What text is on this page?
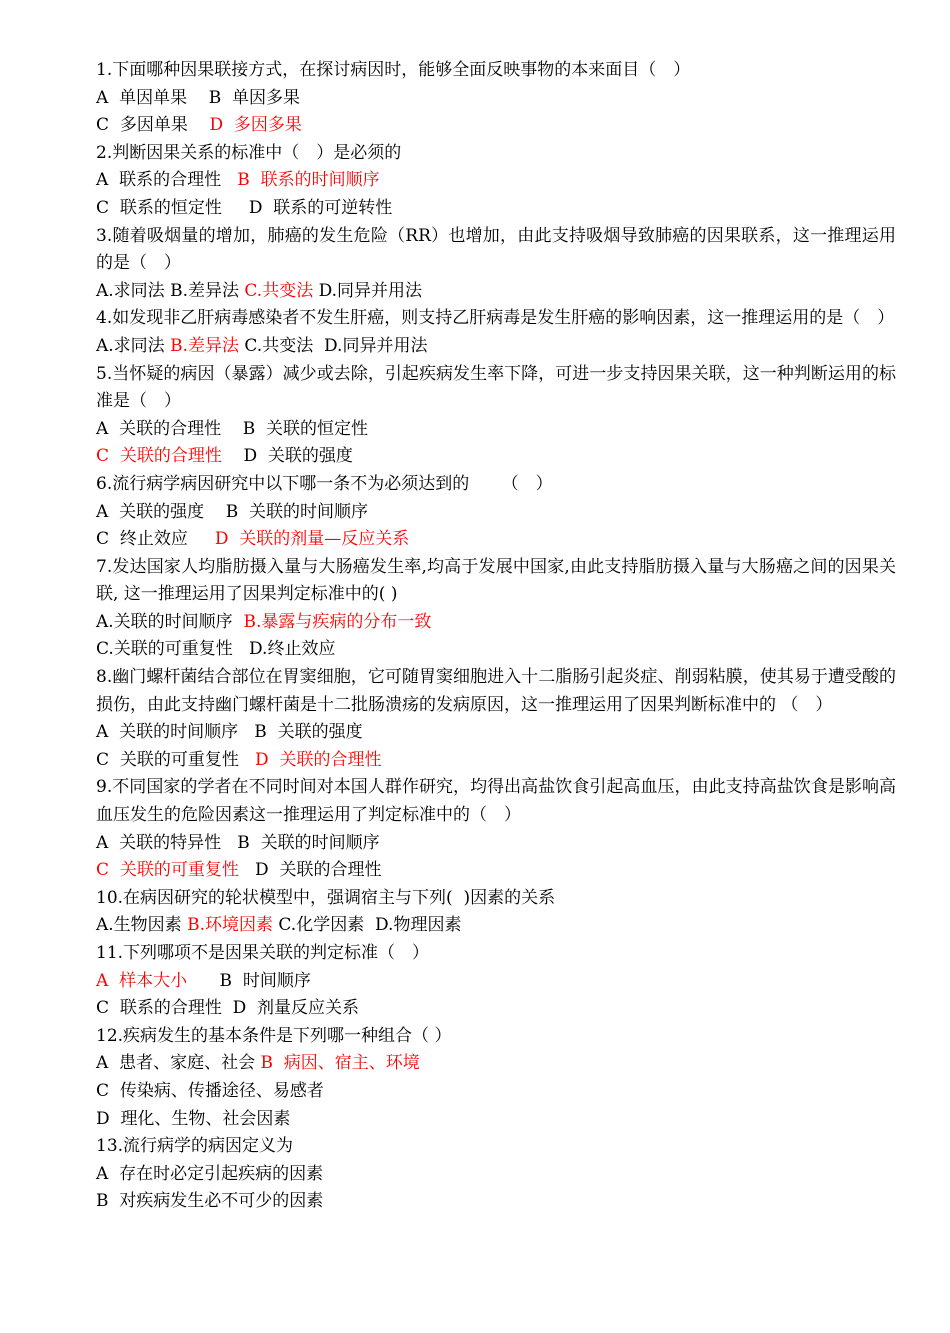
1.下面哪种因果联接方式，在探讨病因时，能够全面反映事物的本来面目（　）
A  单因单果    B  单因多果
C  多因单果    D  多因多果
2.判断因果关系的标准中（　）是必须的
A  联系的合理性   B  联系的时间顺序
C  联系的恒定性     D  联系的可逆转性
3.随着吸烟量的增加，肺癌的发生危险（RR）也增加，由此支持吸烟导致肺癌的因果联系，这一推理运用的是（　）
A.求同法 B.差异法 C.共变法 D.同异并用法
4.如发现非乙肝病毒感染者不发生肝癌，则支持乙肝病毒是发生肝癌的影响因素，这一推理运用的是（　）
A.求同法 B.差异法 C.共变法  D.同异并用法
5.当怀疑的病因（暴露）减少或去除，引起疾病发生率下降，可进一步支持因果关联，这一种判断运用的标准是（　）
A  关联的合理性    B  关联的恒定性
C  关联的合理性    D  关联的强度
6.流行病学病因研究中以下哪一条不为必须达到的      （　）
A  关联的强度    B  关联的时间顺序
C  终止效应     D  关联的剂量—反应关系
7.发达国家人均脂肪摄入量与大肠癌发生率,均高于发展中国家,由此支持脂肪摄入量与大肠癌之间的因果关联, 这一推理运用了因果判定标准中的( )
A.关联的时间顺序  B.暴露与疾病的分布一致
C.关联的可重复性   D.终止效应
8.幽门螺杆菌结合部位在胃窦细胞，它可随胃窦细胞进入十二脂肠引起炎症、削弱粘膜，使其易于遭受酸的损伤，由此支持幽门螺杆菌是十二批肠溃疡的发病原因，这一推理运用了因果判断标准中的 （　）
A  关联的时间顺序   B  关联的强度
C  关联的可重复性   D  关联的合理性
9.不同国家的学者在不同时间对本国人群作研究，均得出高盐饮食引起高血压，由此支持高盐饮食是影响高血压发生的危险因素这一推理运用了判定标准中的（　）
A  关联的特异性   B  关联的时间顺序
C  关联的可重复性   D  关联的合理性
10.在病因研究的轮状模型中，强调宿主与下列(  )因素的关系
A.生物因素 B.环境因素 C.化学因素  D.物理因素
11.下列哪项不是因果关联的判定标准（　）
A  样本大小      B  时间顺序
C  联系的合理性  D  剂量反应关系
12.疾病发生的基本条件是下列哪一种组合（ ）
A  患者、家庭、社会 B  病因、宿主、环境
C  传染病、传播途径、易感者
D  理化、生物、社会因素
13.流行病学的病因定义为
A  存在时必定引起疾病的因素
B  对疾病发生必不可少的因素
